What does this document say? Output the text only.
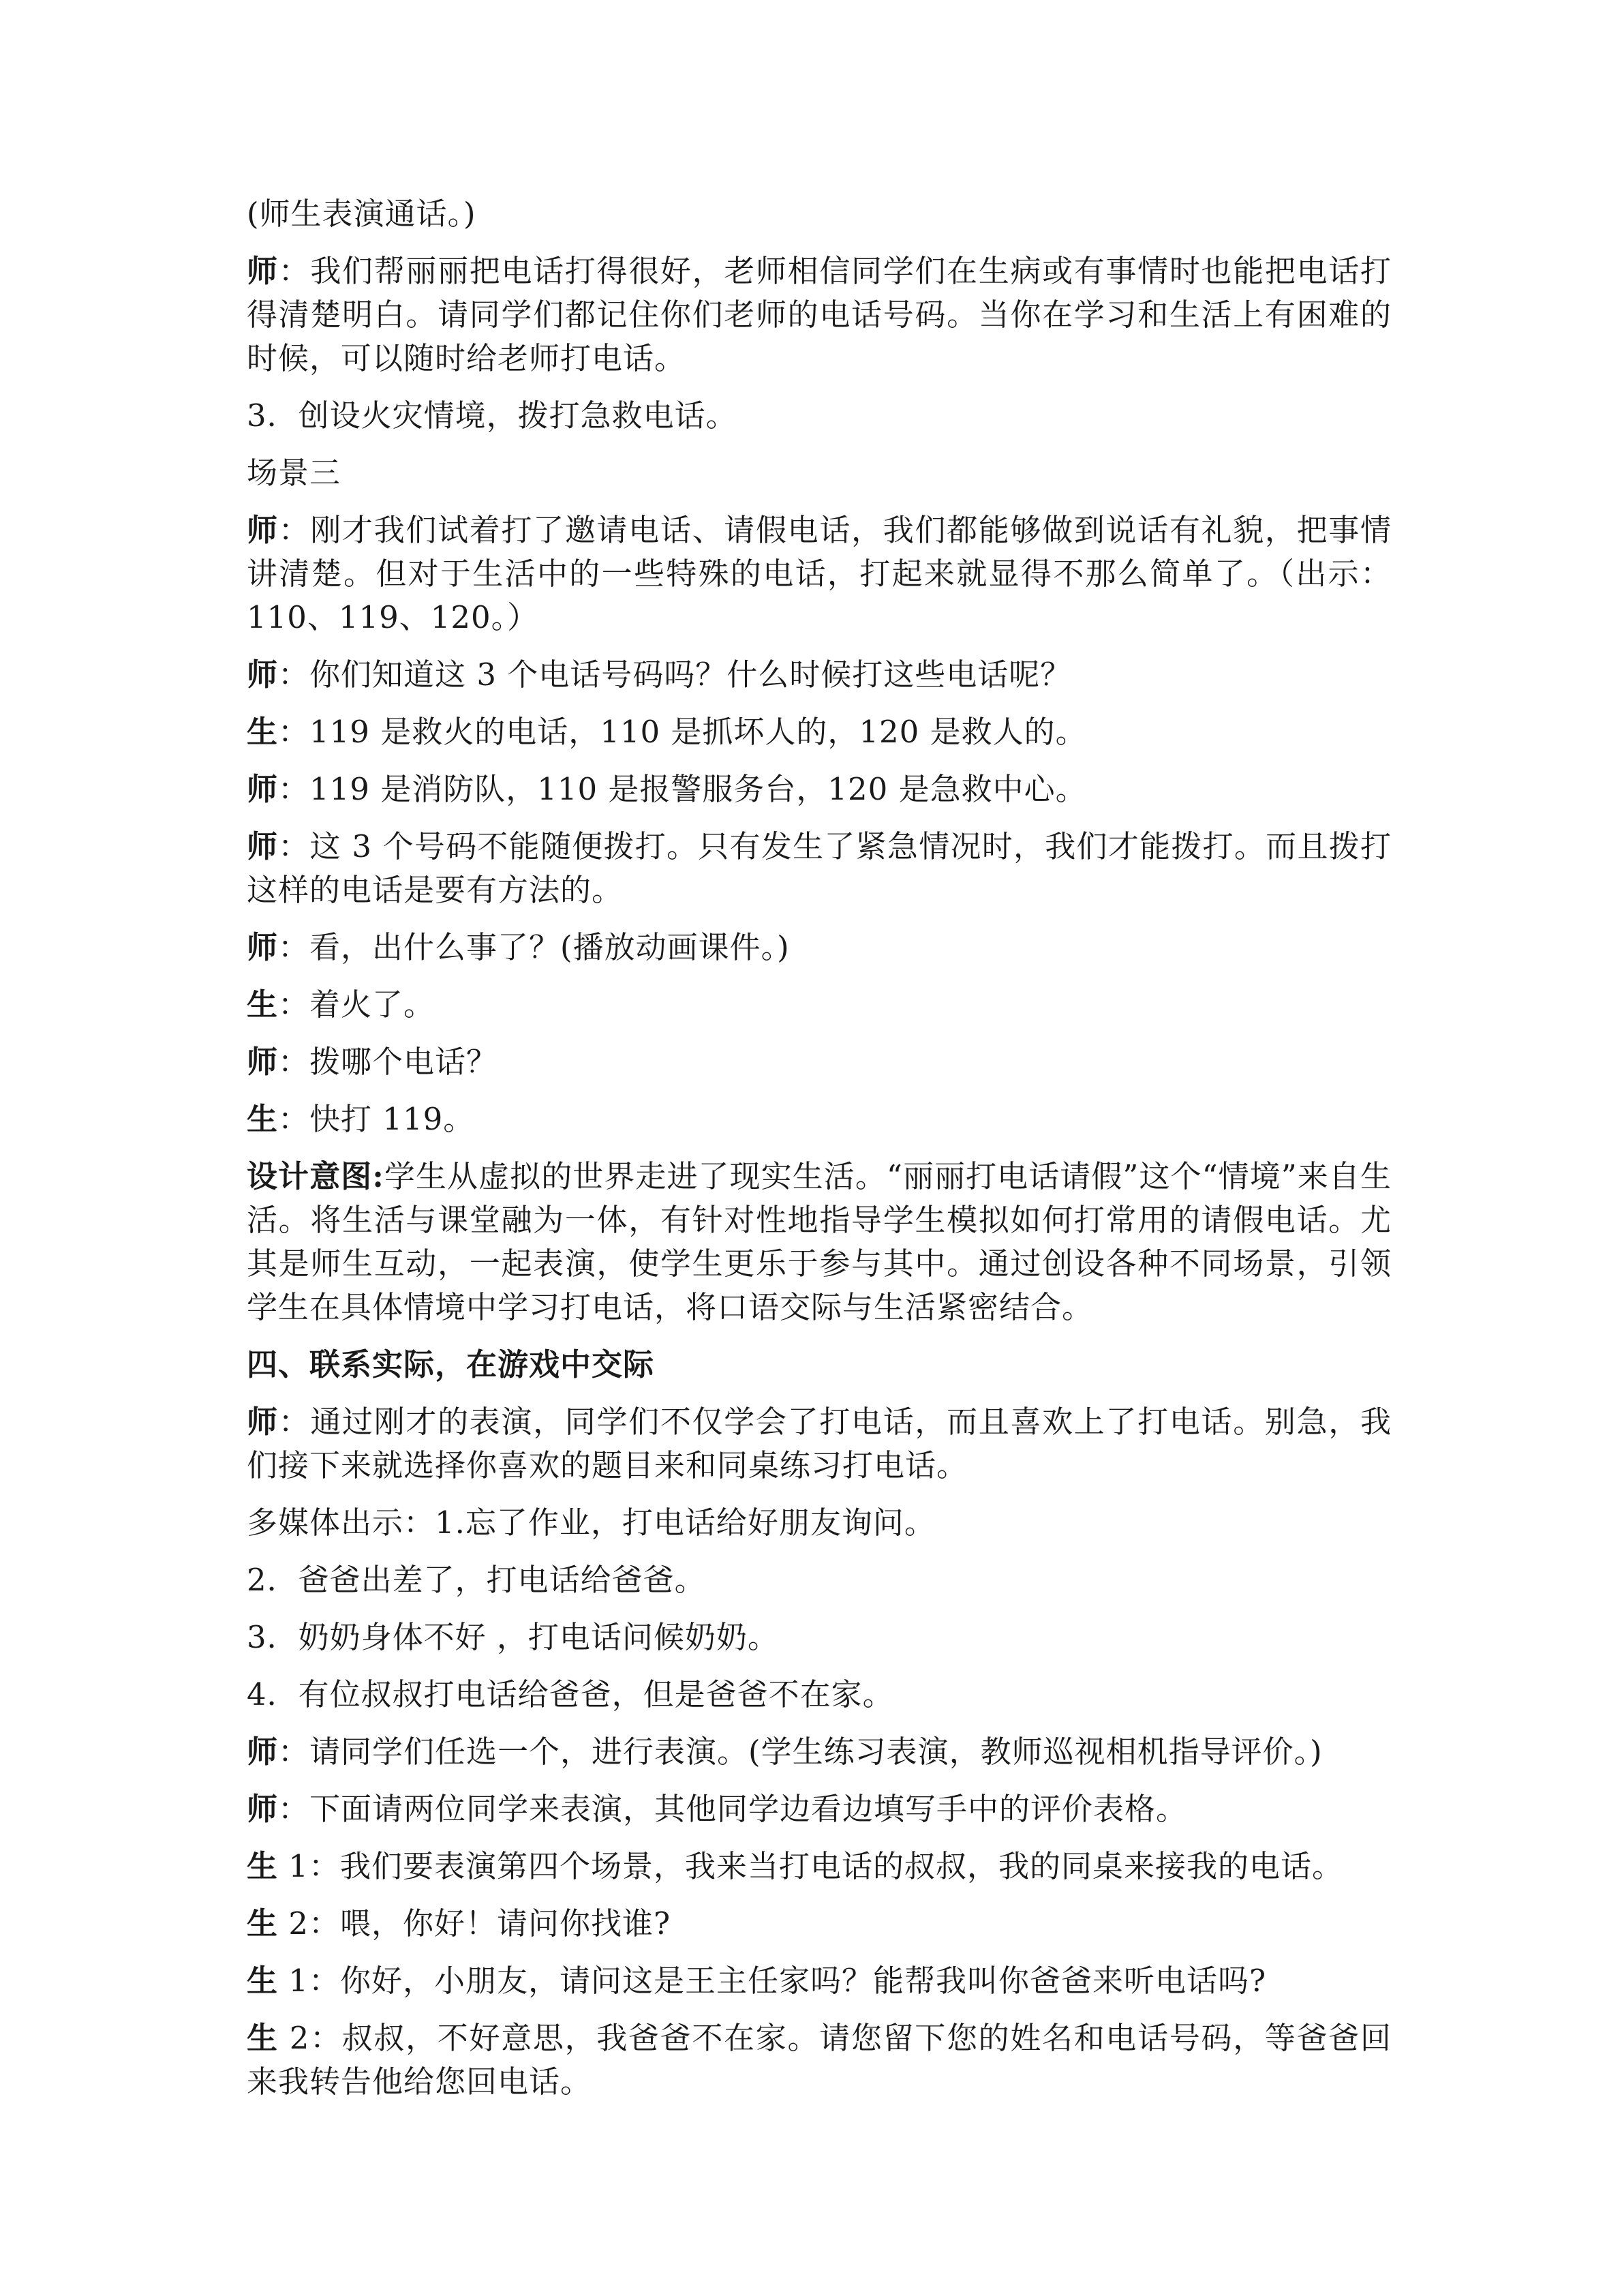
(师生表演通话。)

师：我们帮丽丽把电话打得很好，老师相信同学们在生病或有事情时也能把电话打得清楚明白。请同学们都记住你们老师的电话号码。当你在学习和生活上有困难的时候，可以随时给老师打电话。

3．创设火灾情境，拨打急救电话。

场景三

师：刚才我们试着打了邀请电话、请假电话，我们都能够做到说话有礼貌，把事情讲清楚。但对于生活中的一些特殊的电话，打起来就显得不那么简单了。（出示：110、119、120。）

师：你们知道这 3 个电话号码吗？什么时候打这些电话呢？

生：119 是救火的电话，110 是抓坏人的，120 是救人的。

师：119 是消防队，110 是报警服务台，120 是急救中心。

师：这 3 个号码不能随便拨打。只有发生了紧急情况时，我们才能拨打。而且拨打这样的电话是要有方法的。

师：看，出什么事了？(播放动画课件。)

生：着火了。

师：拨哪个电话？

生：快打 119。

设计意图:学生从虚拟的世界走进了现实生活。“丽丽打电话请假”这个“情境”来自生活。将生活与课堂融为一体，有针对性地指导学生模拟如何打常用的请假电话。尤其是师生互动，一起表演，使学生更乐于参与其中。通过创设各种不同场景，引领学生在具体情境中学习打电话，将口语交际与生活紧密结合。

四、联系实际，在游戏中交际

师：通过刚才的表演，同学们不仅学会了打电话，而且喜欢上了打电话。别急，我们接下来就选择你喜欢的题目来和同桌练习打电话。

多媒体出示：1.忘了作业，打电话给好朋友询问。

2．爸爸出差了，打电话给爸爸。

3．奶奶身体不好 ，打电话问候奶奶。

4．有位叔叔打电话给爸爸，但是爸爸不在家。

师：请同学们任选一个，进行表演。(学生练习表演，教师巡视相机指导评价。)

师：下面请两位同学来表演，其他同学边看边填写手中的评价表格。

生 1：我们要表演第四个场景，我来当打电话的叔叔，我的同桌来接我的电话。

生 2：喂，你好！请问你找谁?

生 1：你好，小朋友，请问这是王主任家吗？能帮我叫你爸爸来听电话吗?

生 2：叔叔，不好意思，我爸爸不在家。请您留下您的姓名和电话号码，等爸爸回来我转告他给您回电话。
